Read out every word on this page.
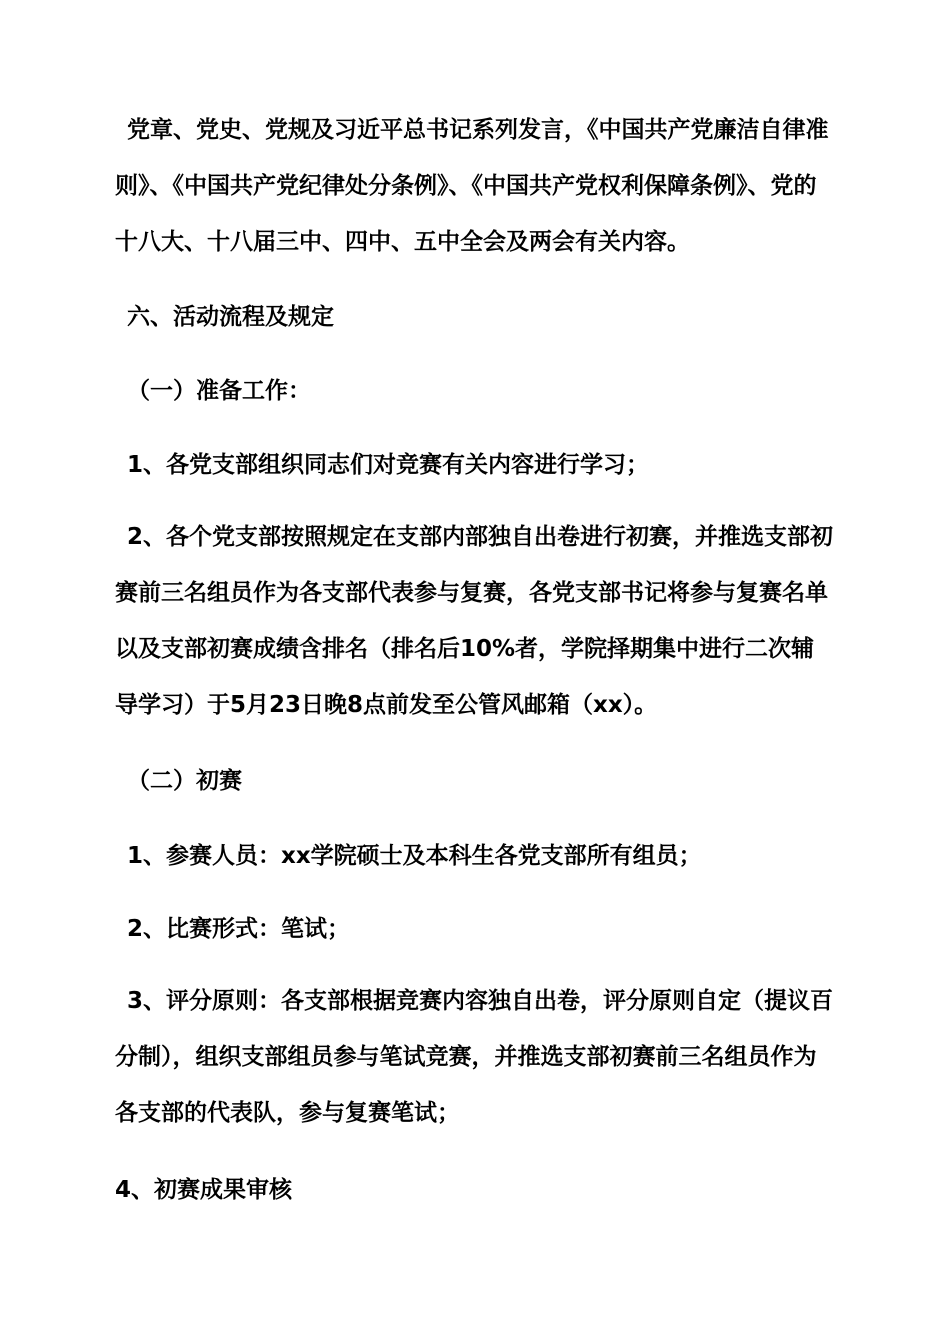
党章、党史、党规及习近平总书记系列发言，《中国共产党廉洁自律准则》、《中国共产党纪律处分条例》、《中国共产党权利保障条例》、党的十八大、十八届三中、四中、五中全会及两会有关内容。

六、活动流程及规定

（一）准备工作：

1、各党支部组织同志们对竞赛有关内容进行学习；

2、各个党支部按照规定在支部内部独自出卷进行初赛，并推选支部初赛前三名组员作为各支部代表参与复赛，各党支部书记将参与复赛名单以及支部初赛成绩含排名（排名后10%者，学院择期集中进行二次辅导学习）于5月23日晚8点前发至公管风邮箱（xx）。

（二）初赛

1、参赛人员：xx学院硕士及本科生各党支部所有组员；

2、比赛形式：笔试；

3、评分原则：各支部根据竞赛内容独自出卷，评分原则自定（提议百分制），组织支部组员参与笔试竞赛，并推选支部初赛前三名组员作为各支部的代表队，参与复赛笔试；

4、初赛成果审核
